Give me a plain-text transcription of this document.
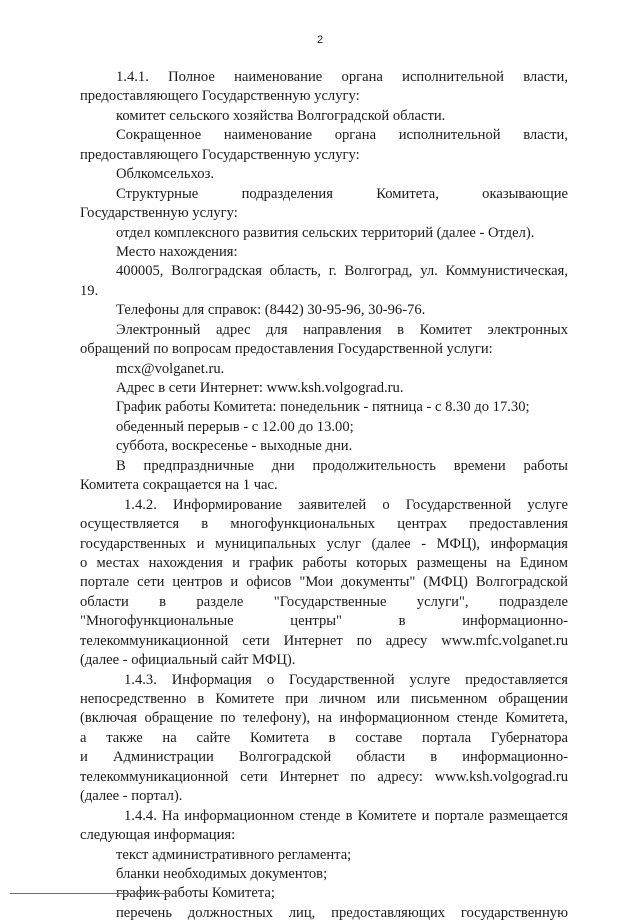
2
1.4.1. Полное наименование органа исполнительной власти,
предоставляющего Государственную услугу:
комитет сельского хозяйства Волгоградской области.
Сокращенное наименование органа исполнительной власти,
предоставляющего Государственную услугу:
Облкомсельхоз.
Структурные подразделения Комитета, оказывающие
Государственную услугу:
отдел комплексного развития сельских территорий (далее - Отдел).
Место нахождения:
400005, Волгоградская область, г. Волгоград, ул. Коммунистическая,
19.
Телефоны для справок: (8442) 30-95-96, 30-96-76.
Электронный адрес для направления в Комитет электронных
обращений по вопросам предоставления Государственной услуги:
mcx@volganet.ru.
Адрес в сети Интернет: www.ksh.volgograd.ru.
График работы Комитета: понедельник - пятница - с 8.30 до 17.30;
обеденный перерыв - с 12.00 до 13.00;
суббота, воскресенье - выходные дни.
В предпраздничные дни продолжительность времени работы
Комитета сокращается на 1 час.
1.4.2. Информирование заявителей о Государственной услуге
осуществляется в многофункциональных центрах предоставления
государственных и муниципальных услуг (далее - МФЦ), информация
о местах нахождения и график работы которых размещены на Едином
портале сети центров и офисов "Мои документы" (МФЦ) Волгоградской
области в разделе "Государственные услуги", подразделе
"Многофункциональные центры" в информационно-
телекоммуникационной сети Интернет по адресу www.mfc.volganet.ru
(далее - официальный сайт МФЦ).
1.4.3. Информация о Государственной услуге предоставляется
непосредственно в Комитете при личном или письменном обращении
(включая обращение по телефону), на информационном стенде Комитета,
а также на сайте Комитета в составе портала Губернатора
и Администрации Волгоградской области в информационно-
телекоммуникационной сети Интернет по адресу: www.ksh.volgograd.ru
(далее - портал).
1.4.4. На информационном стенде в Комитете и портале размещается
следующая информация:
текст административного регламента;
бланки необходимых документов;
график работы Комитета;
перечень должностных лиц, предоставляющих государственную
